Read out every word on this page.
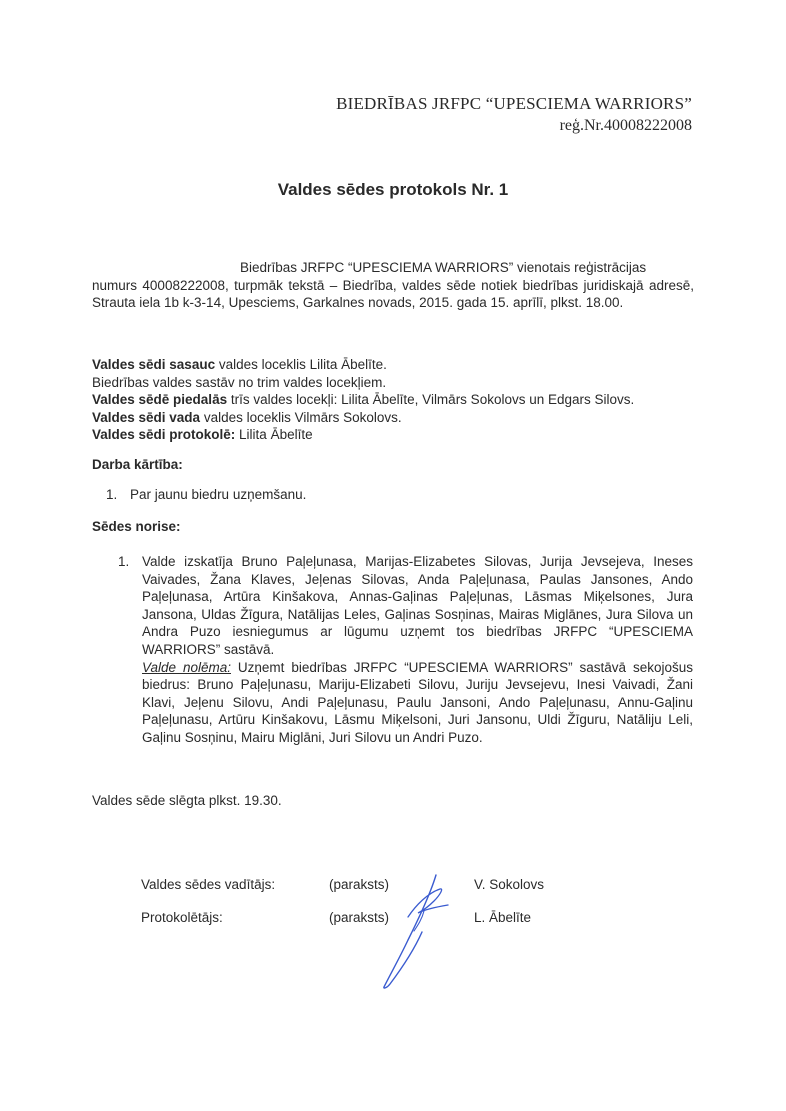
BIEDRĪBAS JRFPC “UPESCIEMA WARRIORS”
reģ.Nr.40008222008
Valdes sēdes protokols Nr. 1
Biedrības JRFPC “UPESCIEMA WARRIORS” vienotais reģistrācijas
numurs 40008222008, turpmāk tekstā – Biedrība, valdes sēde notiek biedrības juridiskajā adresē, Strauta iela 1b k-3-14, Upesciems, Garkalnes novads, 2015. gada 15. aprīlī, plkst. 18.00.
Valdes sēdi sasauc valdes loceklis Lilita Ābelīte.
Biedrības valdes sastāv no trim valdes locekļiem.
Valdes sēdē piedalās trīs valdes locekļi: Lilita Ābelīte, Vilmārs Sokolovs un Edgars Silovs.
Valdes sēdi vada valdes loceklis Vilmārs Sokolovs.
Valdes sēdi protokolē: Lilita Ābelīte
Darba kārtība:
1. Par jaunu biedru uzņemšanu.
Sēdes norise:
1. Valde izskatīja Bruno Paļeļunasa, Marijas-Elizabetes Silovas, Jurija Jevsejeva, Ineses Vaivades, Žana Klaves, Jeļenas Silovas, Anda Paļeļunasa, Paulas Jansones, Ando Paļeļunasa, Artūra Kinšakova, Annas-Gaļinas Paļeļunas, Lāsmas Miķelsones, Jura Jansona, Uldas Žīgura, Natālijas Leles, Gaļinas Sosņinas, Mairas Miglānes, Jura Silova un Andra Puzo iesniegumus ar lūgumu uzņemt tos biedrības JRFPC “UPESCIEMA WARRIORS” sastāvā.
Valde nolēma: Uzņemt biedrības JRFPC “UPESCIEMA WARRIORS” sastāvā sekojošus biedrus: Bruno Paļeļunasu, Mariju-Elizabeti Silovu, Juriju Jevsejevu, Inesi Vaivadi, Žani Klavi, Jeļenu Silovu, Andi Paļeļunasu, Paulu Jansoni, Ando Paļeļunasu, Annu-Gaļinu Paļeļunasu, Artūru Kinšakovu, Lāsmu Miķelsoni, Juri Jansonu, Uldi Žīguru, Natāliju Leli, Gaļinu Sosņinu, Mairu Miglāni, Juri Silovu un Andri Puzo.
Valdes sēde slēgta plkst. 19.30.
Valdes sēdes vadītājs:	(paraksts)	V. Sokolovs
Protokolētājs:	(paraksts)	L. Ābelīte
